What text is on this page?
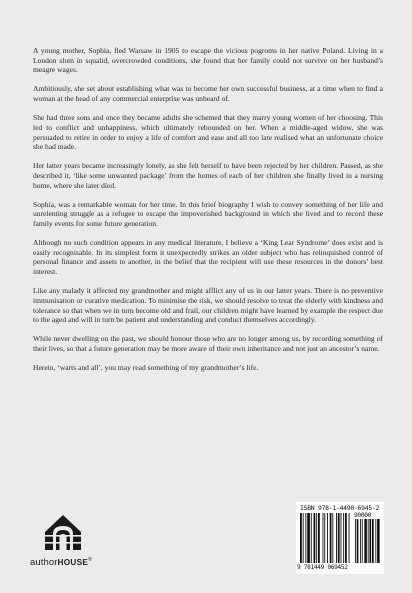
A young mother, Sophia, fled Warsaw in 1905 to escape the vicious pogroms in her native Poland. Living in a London slum in squalid, overcrowded conditions, she found that her family could not survive on her husband’s meagre wages.

Ambitiously, she set about establishing what was to become her own successful business, at a time when to find a woman at the head of any commercial enterprise was unheard of.

She had three sons and once they became adults she schemed that they marry young women of her choosing. This led to conflict and unhappiness, which ultimately rebounded on her. When a middle-aged widow, she was persuaded to retire in order to enjoy a life of comfort and ease and all too late realised what an unfortunate choice she had made.

Her latter years became increasingly lonely, as she felt herself to have been rejected by her children. Passed, as she described it, ‘like some unwanted package’ from the homes of each of her children she finally lived in a nursing home, where she later died.

Sophia, was a remarkable woman for her time. In this brief biography I wish to convey something of her life and unrelenting struggle as a refugee to escape the impoverished background in which she lived and to record these family events for some future generation.

Although no such condition appears in any medical literature, I believe a ‘King Lear Syndrome’ does exist and is easily recognisable. In its simplest form it unexpectedly strikes an older subject who has relinquished control of personal finance and assets to another, in the belief that the recipient will use these resources in the donors’ best interest.

Like any malady it affected my grandmother and might afflict any of us in our latter years. There is no preventive immunisation or curative medication. To minimise the risk, we should resolve to treat the elderly with kindness and tolerance so that when we in turn become old and frail, our children might have learned by example the respect due to the aged and will in turn be patient and understanding and conduct themselves accordingly.

While never dwelling on the past, we should honour those who are no longer among us, by recording something of their lives, so that a future generation may be more aware of their own inheritance and not just an ancestor’s name.

Herein, ‘warts and all’, you may read something of my grandmother’s life.

authorHOUSE®
ISBN 978-1-4490-6945-2
90000
9 781449 069452
